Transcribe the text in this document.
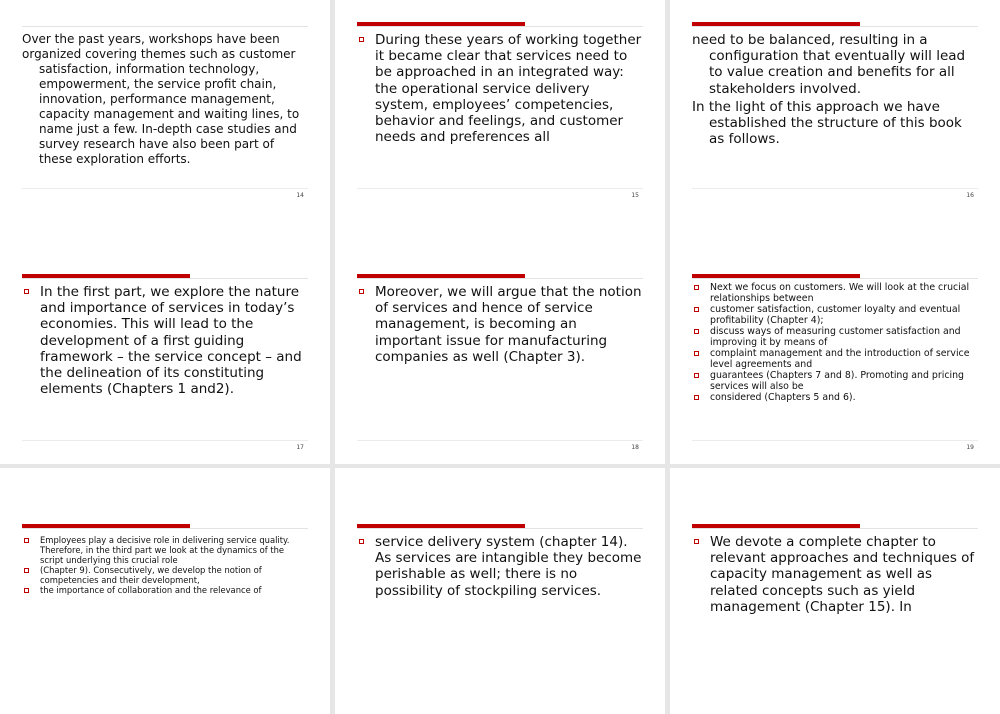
Over the past years, workshops have been

organized covering themes such as customer satisfaction, information technology, empowerment, the service profit chain, innovation, performance management, capacity management and waiting lines, to name just a few. In-depth case studies and survey research have also been part of these exploration efforts.

14
During these years of working together it became clear that services need to be approached in an integrated way: the operational service delivery system, employees’ competencies, behavior and feelings, and customer needs and preferences all
15

need to be balanced, resulting in a configuration that eventually will lead to value creation and benefits for all stakeholders involved.

In the light of this approach we have established the structure of this book as follows.

16
In the first part, we explore the nature and importance of services in today’s economies. This will lead to the development of a first guiding framework – the service concept – and the delineation of its constituting elements (Chapters 1 and2).
17
Moreover, we will argue that the notion of services and hence of service management, is becoming an important issue for manufacturing companies as well (Chapter 3).
18
Next we focus on customers. We will look at the crucial relationships between
customer satisfaction, customer loyalty and eventual profitability (Chapter 4);
discuss ways of measuring customer satisfaction and improving it by means of
complaint management and the introduction of service level agreements and
guarantees (Chapters 7 and 8). Promoting and pricing services will also be
considered (Chapters 5 and 6).
19
Employees play a decisive role in delivering service quality. Therefore, in the third part we look at the dynamics of the script underlying this crucial role
(Chapter 9). Consecutively, we develop the notion of competencies and their development,
the importance of collaboration and the relevance of
service delivery system (chapter 14). As services are intangible they become perishable as well; there is no possibility of stockpiling services.
We devote a complete chapter to relevant approaches and techniques of capacity management as well as related concepts such as yield management (Chapter 15). In
